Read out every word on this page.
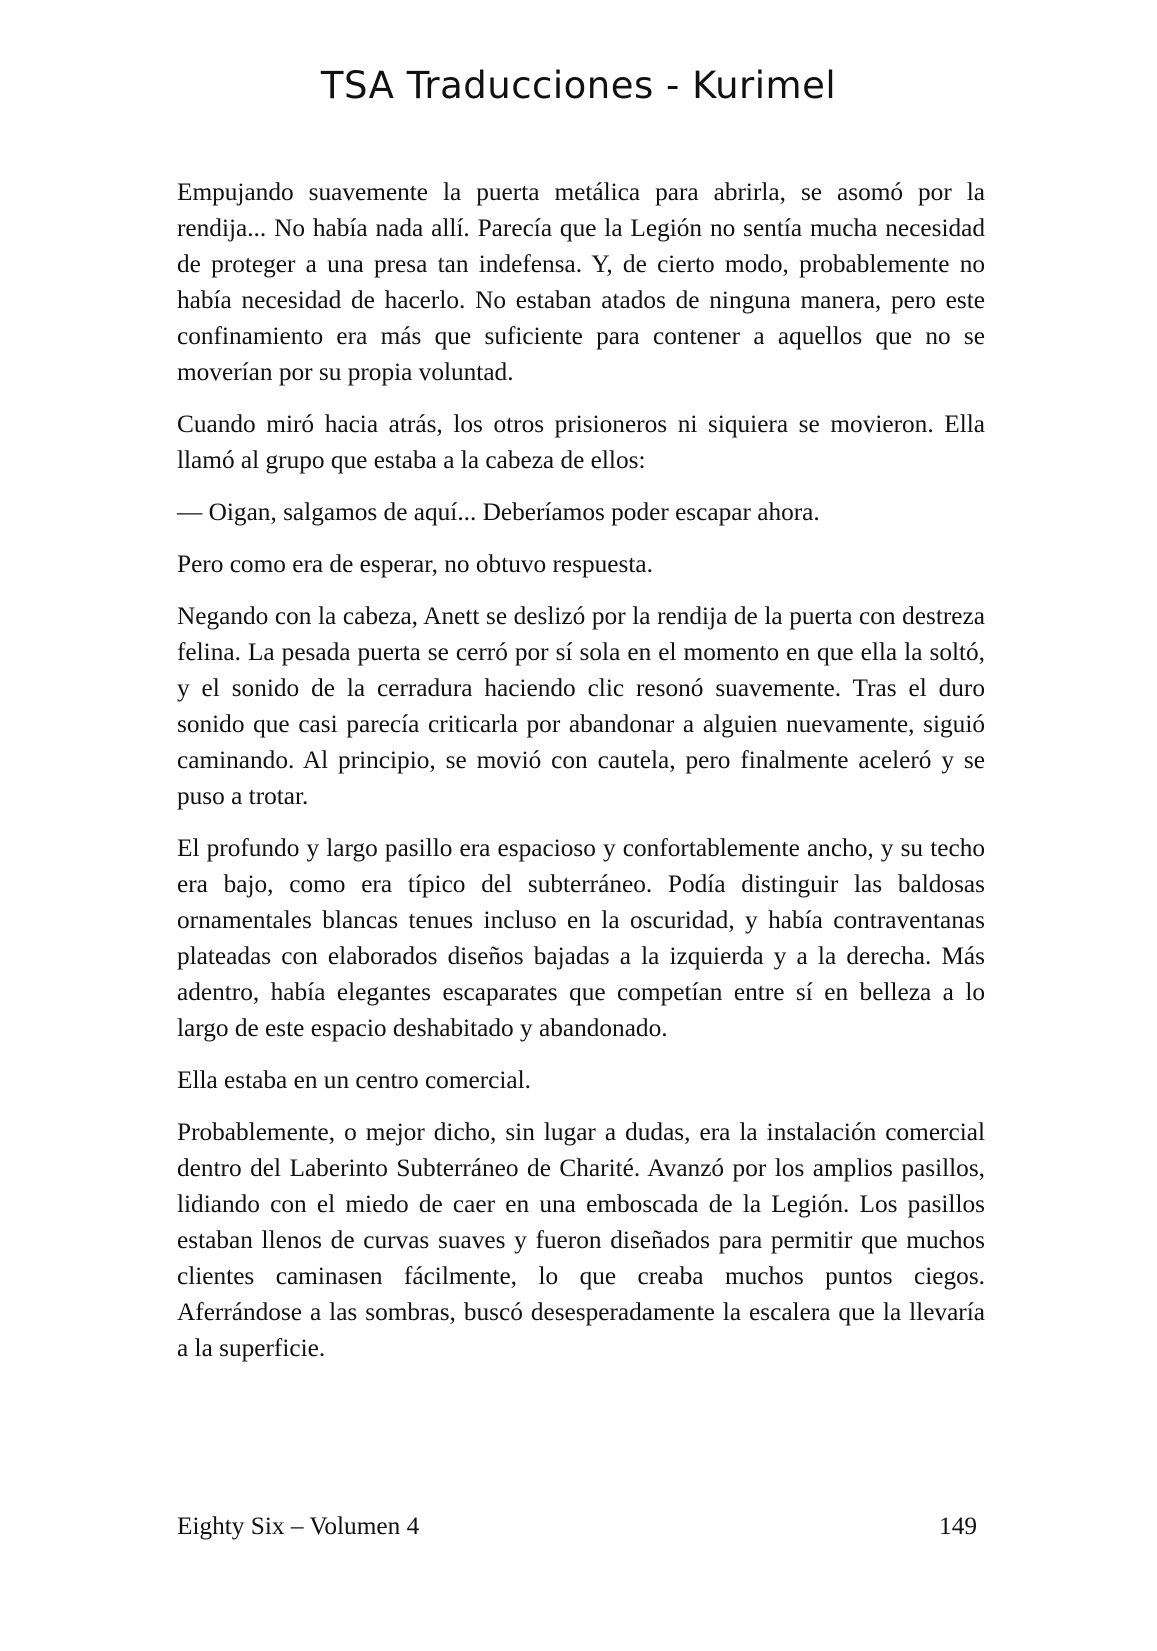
TSA Traducciones - Kurimel

Empujando suavemente la puerta metálica para abrirla, se asomó por la rendija... No había nada allí. Parecía que la Legión no sentía mucha necesidad de proteger a una presa tan indefensa. Y, de cierto modo, probablemente no había necesidad de hacerlo. No estaban atados de ninguna manera, pero este confinamiento era más que suficiente para contener a aquellos que no se moverían por su propia voluntad.

Cuando miró hacia atrás, los otros prisioneros ni siquiera se movieron. Ella llamó al grupo que estaba a la cabeza de ellos:

— Oigan, salgamos de aquí... Deberíamos poder escapar ahora.

Pero como era de esperar, no obtuvo respuesta.

Negando con la cabeza, Anett se deslizó por la rendija de la puerta con destreza felina. La pesada puerta se cerró por sí sola en el momento en que ella la soltó, y el sonido de la cerradura haciendo clic resonó suavemente. Tras el duro sonido que casi parecía criticarla por abandonar a alguien nuevamente, siguió caminando. Al principio, se movió con cautela, pero finalmente aceleró y se puso a trotar.

El profundo y largo pasillo era espacioso y confortablemente ancho, y su techo era bajo, como era típico del subterráneo. Podía distinguir las baldosas ornamentales blancas tenues incluso en la oscuridad, y había contraventanas plateadas con elaborados diseños bajadas a la izquierda y a la derecha. Más adentro, había elegantes escaparates que competían entre sí en belleza a lo largo de este espacio deshabitado y abandonado.

Ella estaba en un centro comercial.

Probablemente, o mejor dicho, sin lugar a dudas, era la instalación comercial dentro del Laberinto Subterráneo de Charité. Avanzó por los amplios pasillos, lidiando con el miedo de caer en una emboscada de la Legión. Los pasillos estaban llenos de curvas suaves y fueron diseñados para permitir que muchos clientes caminasen fácilmente, lo que creaba muchos puntos ciegos. Aferrándose a las sombras, buscó desesperadamente la escalera que la llevaría a la superficie.

Eighty Six – Volumen 4	149
